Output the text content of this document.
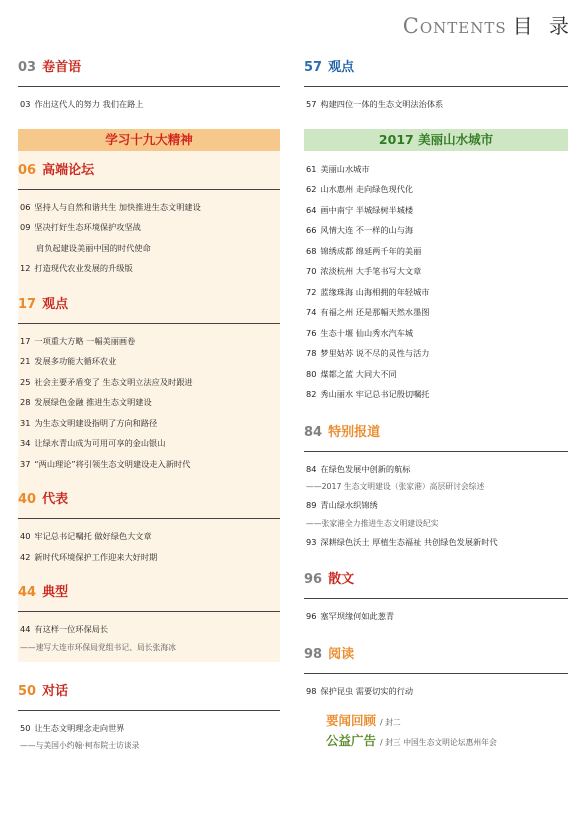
Contents 目 录
03 卷首语
03 作出这代人的努力 我们在路上
学习十九大精神
06 高端论坛
06 坚持人与自然和谐共生 加快推进生态文明建设
09 坚决打好生态环境保护攻坚战
肩负起建设美丽中国的时代使命
12 打造现代农业发展的升级版
17 观点
17 一项重大方略 一幅美丽画卷
21 发展多功能大循环农业
25 社会主要矛盾变了 生态文明立法应及时跟进
28 发展绿色金融 推进生态文明建设
31 为生态文明建设指明了方向和路径
34 让绿水青山成为可用可享的金山银山
37 “两山理论”将引领生态文明建设走入新时代
40 代表
40 牢记总书记嘱托 做好绿色大文章
42 新时代环境保护工作迎来大好时期
44 典型
44 有这样一位环保局长
——速写大连市环保局党组书记、局长张海冰
50 对话
50 让生态文明理念走向世界
——与美国小约翰·柯布院士访谈录
57 观点
57 构建四位一体的生态文明法治体系
2017 美丽山水城市
61 美丽山水城市
62 山水惠州 走向绿色现代化
64 画中南宁 半城绿树半城楼
66 风情大连 不一样的山与海
68 锦绣成都 绵延两千年的美丽
70 浓淡杭州 大手笔书写大文章
72 蓝缘珠海 山海相拥的年轻城市
74 有福之州 还是那幅天然水墨图
76 生态十堰 仙山秀水汽车城
78 梦里姑苏 说不尽的灵性与活力
80 煤都之蓝 大同大不同
82 秀山丽水 牢记总书记殷切嘱托
84 特别报道
84 在绿色发展中创新的航标
——2017 生态文明建设（张家港）高层研讨会综述
89 青山绿水织锦绣
——张家港全力推进生态文明建设纪实
93 深耕绿色沃土 厚植生态福祉 共创绿色发展新时代
96 散文
96 塞罕坝缘何如此葱青
98 阅读
98 保护昆虫 需要切实的行动
要闻回顾 / 封二
公益广告 / 封三 中国生态文明论坛惠州年会
